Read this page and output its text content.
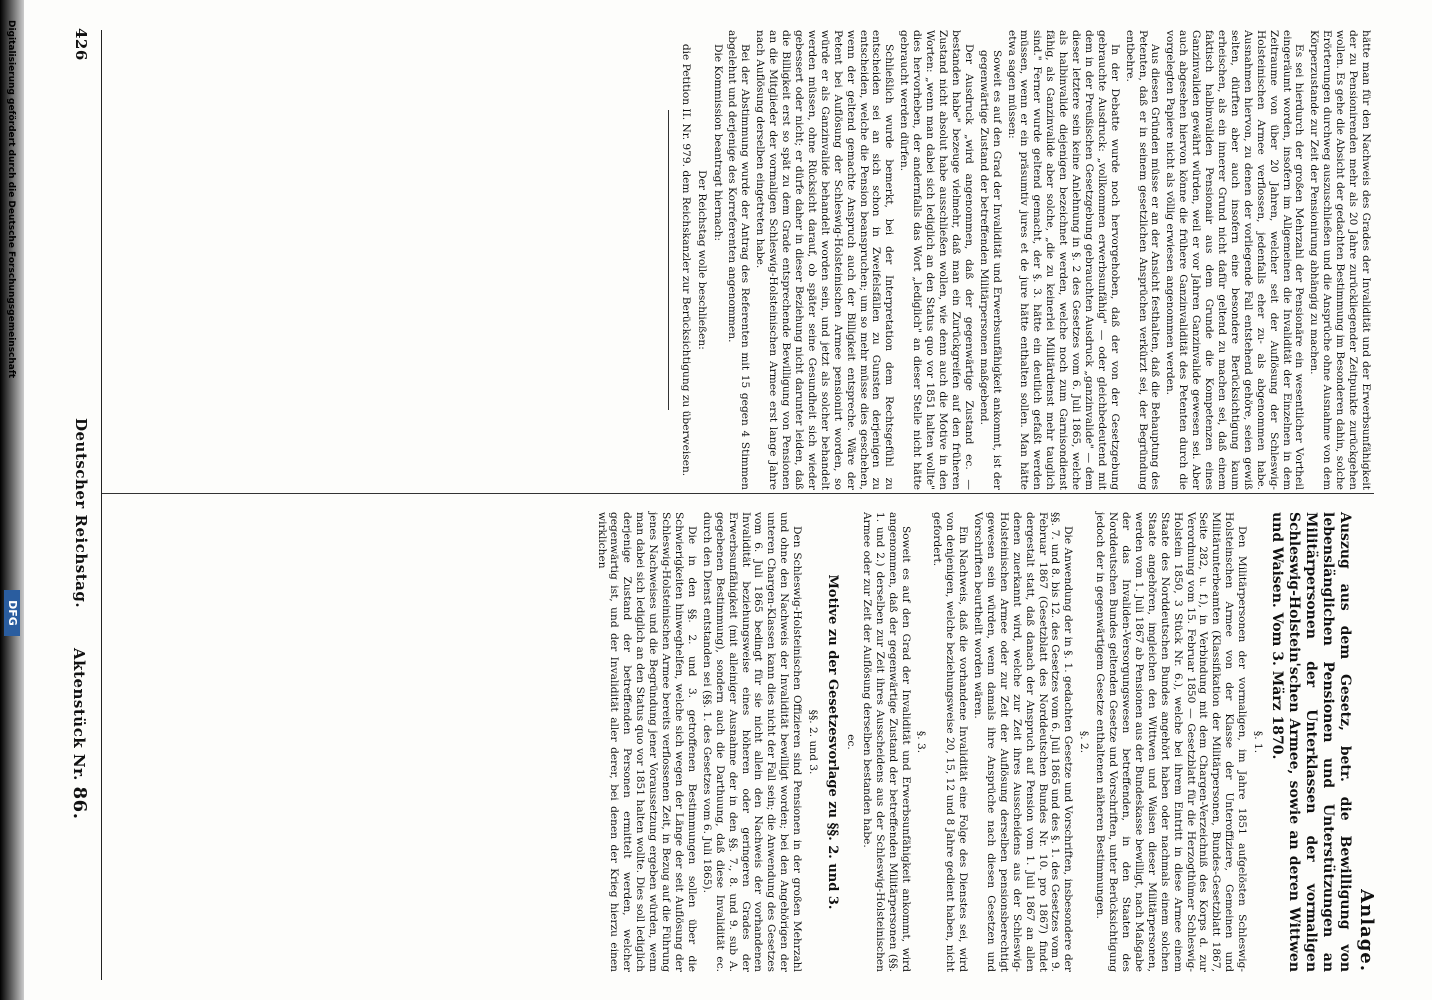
426
Deutscher Reichstag.
Aktenstück Nr. 86.

hätte man für den Nachweis des Grades der Invalidität und der Erwerbsunfähigkeit der zu Pensionirenden mehr als 20 Jahre zurückliegender Zeitpunkte zurückgehen wollen. Es gehe die Absicht der gedachten Bestimmung im Besonderen dahin, solche Erörterungen durchweg auszuschließen und die Ansprüche ohne Ausnahme von dem Körperzustande zur Zeit der Pensionirung abhängig zu machen.

Es sei hierdurch der großen Mehrzahl der Pensionäre ein wesentlicher Vortheil eingeräumt worden, insofern im Allgemeinen die Invalidität der Einzelnen in dem Zeitraume von über 20 Jahren, welcher seit der Auflösung der Schleswig-Holsteinischen Armee verflossen, jedenfalls eher zu- als abgenommen habe. Ausnahmen hiervon, zu denen der vorliegende Fall entstehend gehöre, seien gewiß selten, dürften aber auch insofern eine besondere Berücksichtigung kaum erheischen, als ein innerer Grund nicht dafür geltend zu machen sei, daß einem faktisch halbinvaliden Pensionair aus dem Grunde die Kompetenzen eines Ganzinvaliden gewährt würden, weil er vor Jahren Ganzinvalide gewesen sei. Aber auch abgesehen hiervon könne die frühere Ganzinvalidität des Petenten durch die vorgelegten Papiere nicht als völlig erwiesen angenommen werden.

Aus diesen Gründen müsse er an der Ansicht festhalten, daß die Behauptung des Petenten, daß er in seinem gesetzlichen Ansprüchen verkürzt sei, der Begründung entbehre.

In der Debatte wurde noch hervorgehoben, daß der von der Gesetzgebung gebrauchte Ausdruck: „vollkommen erwerbsunfähig" — oder gleichbedeutend mit dem in der Preußischen Gesetzgebung gebrauchten Ausdruck „ganzinvalide" — dem dieser letztere sein keine Anlehnung in §. 2 des Gesetzes vom 6. Juli 1865, welche als halbinvalide diejenigen bezeichnet werden, welche noch zum Garnisondienst fähig, als Ganzinvalide aber solche, „die zu keinerlei Militärdienst mehr tauglich sind." Ferner wurde geltend gemacht, der §. 3. hätte ein deutlich gefaßt werden müssen, wenn er ein präsumtiv jures et de jure hätte enthalten sollen. Man hätte etwa sagen müssen:

Soweit es auf den Grad der Invalidität und Erwerbsunfähigkeit ankommt, ist der gegenwärtige Zustand der betreffenden Militärpersonen maßgebend.

Der Ausdruck „wird angenommen, daß der gegenwärtige Zustand ec. — bestanden habe" bezeuge vielmehr, daß man ein Zurückgreifen auf den früheren Zustand nicht absolut habe ausschließen wollen, wie denn auch die Motive in den Worten: „wenn man dabei sich lediglich an den Status quo vor 1851 halten wollte" dies hervorheben, der andernfalls das Wort „lediglich" an dieser Stelle nicht hätte gebraucht werden dürfen.

Schließlich wurde bemerkt, bei der Interpretation dem Rechtsgefühl zu entscheiden sei an sich schon in Zweifelsfällen zu Gunsten derjenigen zu entscheiden, welche die Pension beanspruchen; um so mehr müsse dies geschehen, wenn der geltend gemachte Anspruch auch der Billigkeit entspreche. Wäre der Petent bei Auflösung der Schleswig-Holsteinischen Armee pensionirt worden, so würde er als Ganzinvalide behandelt worden sein, und jetzt als solcher behandelt werden müssen, ohne Rücksicht darauf, ob später seine Gesundheit sich wieder gebessert oder nicht; er dürfe daher in dieser Beziehung nicht darunter leiden, daß die Billigkeit erst so spät zu dem Grade entsprechende Bewilligung von Pensionen an die Mitglieder der vormaligen Schleswig-Holsteinischen Armee erst lange Jahre nach Auflösung derselben eingetreten habe.

Bei der Abstimmung wurde der Antrag des Referenten mit 15 gegen 4 Stimmen abgelehnt und derjenige des Korreferenten angenommen.

Die Kommission beantragt hiernach:

Der Reichstag wolle beschließen:

die Petition II. Nr. 979. dem Reichskanzler zur Berücksichtigung zu überweisen.

Anlage.

Auszug aus dem Gesetz, betr. die Bewilligung von lebenslänglichen Pensionen und Unterstützungen an Militärpersonen der Unterklassen der vormaligen Schleswig-Holstein'schen Armee, sowie an deren Wittwen und Waisen. Vom 3. März 1870.

§. 1.

Den Militärpersonen der vormaligen, im Jahre 1851 aufgelösten Schleswig-Holsteinschen Armee von der Klasse der Unteroffiziere, Gemeinen und Militärunterbeamten (Klassifikation der Militärpersonen, Bundes-Gesetzblatt 1867, Seite 282, u. f.), in Verbindung mit dem Chargen-Verzeichniß des Korps d. zur Verordnung vom 15. Februar 1850 — Gesetzblatt für die Herzogthümer Schleswig-Holstein 1850, 3 Stück Nr. 6.), welche bei ihrem Eintritt in diese Armee einem Staate des Norddeutschen Bundes angehört haben oder nachmals einem solchen Staate angehören, imgleichen den Wittwen und Waisen dieser Militärpersonen, werden vom 1. Juli 1867 ab Pensionen aus der Bundeskasse bewilligt, nach Maßgabe der das Invaliden-Versorgungswesen betreffenden, in den Staaten des Norddeutschen Bundes geltenden Gesetze und Vorschriften, unter Berücksichtigung jedoch der in gegenwärtigem Gesetze enthaltenen näheren Bestimmungen.

§. 2.

Die Anwendung der in §. 1. gedachten Gesetze und Vorschriften, insbesondere der §§. 7. und 8. bis 12. des Gesetzes vom 6. Juli 1865 und des §. 1. des Gesetzes vom 9. Februar 1867 (Gesetzblatt des Norddeutschen Bundes Nr. 10. pro 1867) findet dergestalt statt, daß danach der Anspruch auf Pension vom 1. Juli 1867 an allen denen zuerkannt wird, welche zur Zeit ihres Ausscheidens aus der Schleswig-Holsteinischen Armee oder zur Zeit der Auflösung derselben pensionsberechtigt gewesen sein würden, wenn damals ihre Ansprüche nach diesen Gesetzen und Vorschriften beurtheilt worden wären.

Ein Nachweis, daß die vorhandene Invalidität eine Folge des Dienstes sei, wird von denjenigen, welche beziehungsweise 20, 15, 12 und 8 Jahre gedient haben, nicht gefordert.

§. 3.

Soweit es auf den Grad der Invalidität und Erwerbsunfähigkeit ankommt, wird angenommen, daß der gegenwärtige Zustand der betreffenden Militärpersonen (§§. 1. und 2.) derselben zur Zeit ihres Ausscheidens aus der Schleswig-Holsteinischen Armee oder zur Zeit der Auflösung derselben bestanden habe.

ec.

Motive zu der Gesetzesvorlage zu §§. 2. und 3.

§§. 2. und 3.

Den Schleswig-Holsteinischen Offizieren sind Pensionen in der großen Mehrzahl und ohne den Nachweis der Invalidität bewilligt worden; bei den Angehörigen der unteren Chargen-Klassen kann dies nicht der Fall sein; die Anwendung des Gesetzes vom 6. Juli 1865 bedingt für sie nicht allein den Nachweis der vorhandenen Invalidität beziehungsweise eines höheren oder geringeren Grades der Erwerbsunfähigkeit (mit alleiniger Ausnahme der in den §§. 7., 8. und 9. sub A. gegebenen Bestimmung), sondern auch die Darthuung, daß diese Invalidität ec. durch den Dienst entstanden sei (§§. 1. des Gesetzes vom 6. Juli 1865).

Die in den §§. 2. und 3. getroffenen Bestimmungen sollen über die Schwierigkeiten hinweghelfen, welche sich wegen der Länge der seit Auflösung der Schleswig-Holsteinischen Armee bereits verflossenen Zeit, in Bezug auf die Führung jenes Nachweises und die Begründung jener Voraussetzung ergeben würden, wenn man dabei sich lediglich an den Status quo vor 1851 halten wollte. Dies soll lediglich derjenige Zustand der betreffenden Personen ermittelt werden, welcher gegenwärtig ist, und der Invalidität aller derer, bei denen der Krieg hierzu einen wirklichen

Digitalisierung gefördert durch die Deutsche Forschungsgemeinschaft
DFG
